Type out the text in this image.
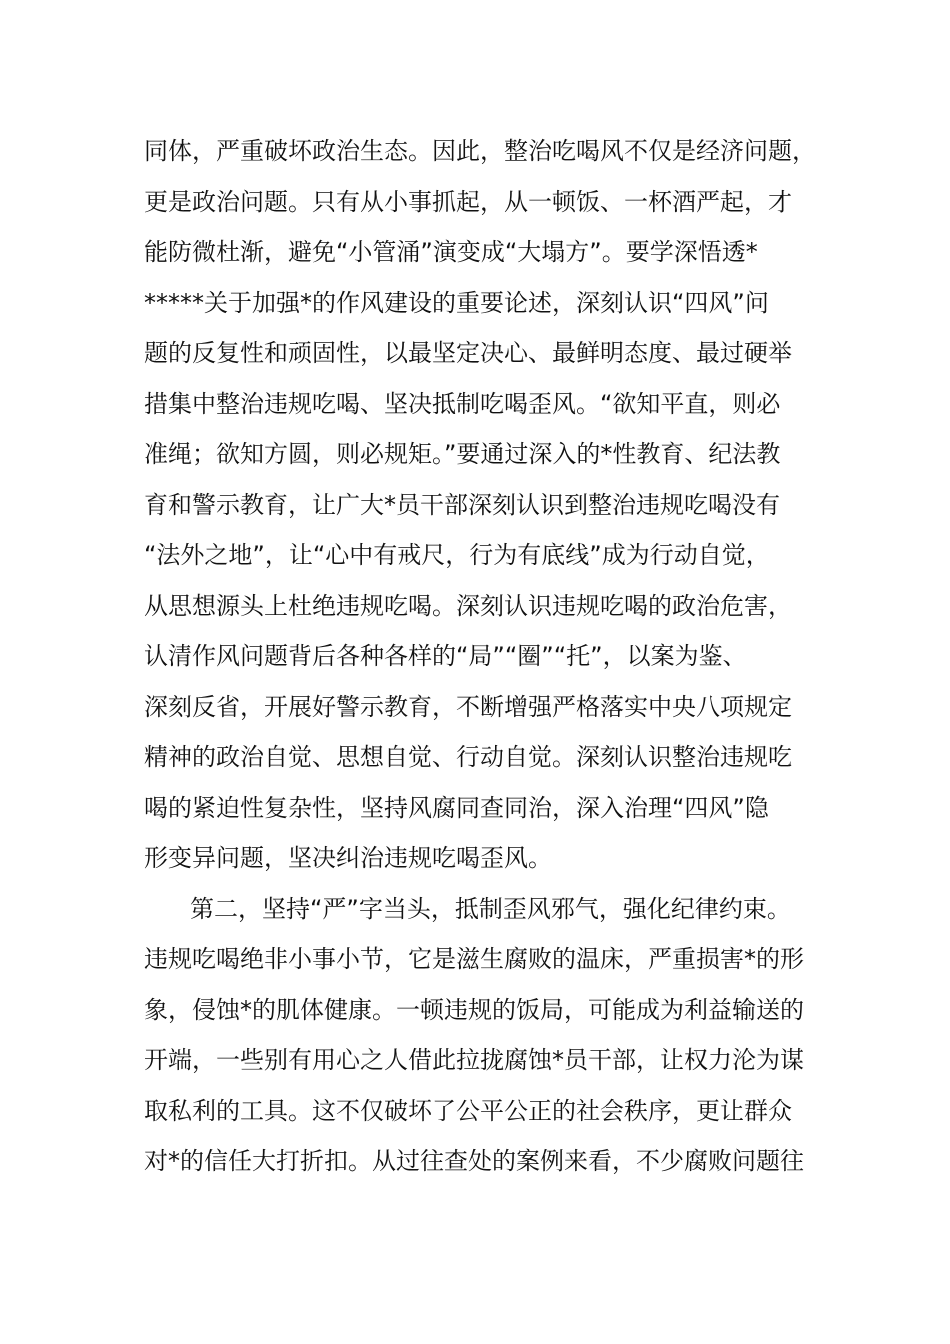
同体，严重破坏政治生态。因此，整治吃喝风不仅是经济问题，
更是政治问题。只有从小事抓起，从一顿饭、一杯酒严起，才
能防微杜渐，避免“小管涌”演变成“大塌方”。要学深悟透*
*****关于加强*的作风建设的重要论述，深刻认识“四风”问
题的反复性和顽固性，以最坚定决心、最鲜明态度、最过硬举
措集中整治违规吃喝、坚决抵制吃喝歪风。“欲知平直，则必
准绳；欲知方圆，则必规矩。”要通过深入的*性教育、纪法教
育和警示教育，让广大*员干部深刻认识到整治违规吃喝没有
“法外之地”，让“心中有戒尺，行为有底线”成为行动自觉，
从思想源头上杜绝违规吃喝。深刻认识违规吃喝的政治危害，
认清作风问题背后各种各样的“局”“圈”“托”，以案为鉴、
深刻反省，开展好警示教育，不断增强严格落实中央八项规定
精神的政治自觉、思想自觉、行动自觉。深刻认识整治违规吃
喝的紧迫性复杂性，坚持风腐同查同治，深入治理“四风”隐
形变异问题，坚决纠治违规吃喝歪风。
第二，坚持“严”字当头，抵制歪风邪气，强化纪律约束。
违规吃喝绝非小事小节，它是滋生腐败的温床，严重损害*的形
象，侵蚀*的肌体健康。一顿违规的饭局，可能成为利益输送的
开端，一些别有用心之人借此拉拢腐蚀*员干部，让权力沦为谋
取私利的工具。这不仅破坏了公平公正的社会秩序，更让群众
对*的信任大打折扣。从过往查处的案例来看，不少腐败问题往
